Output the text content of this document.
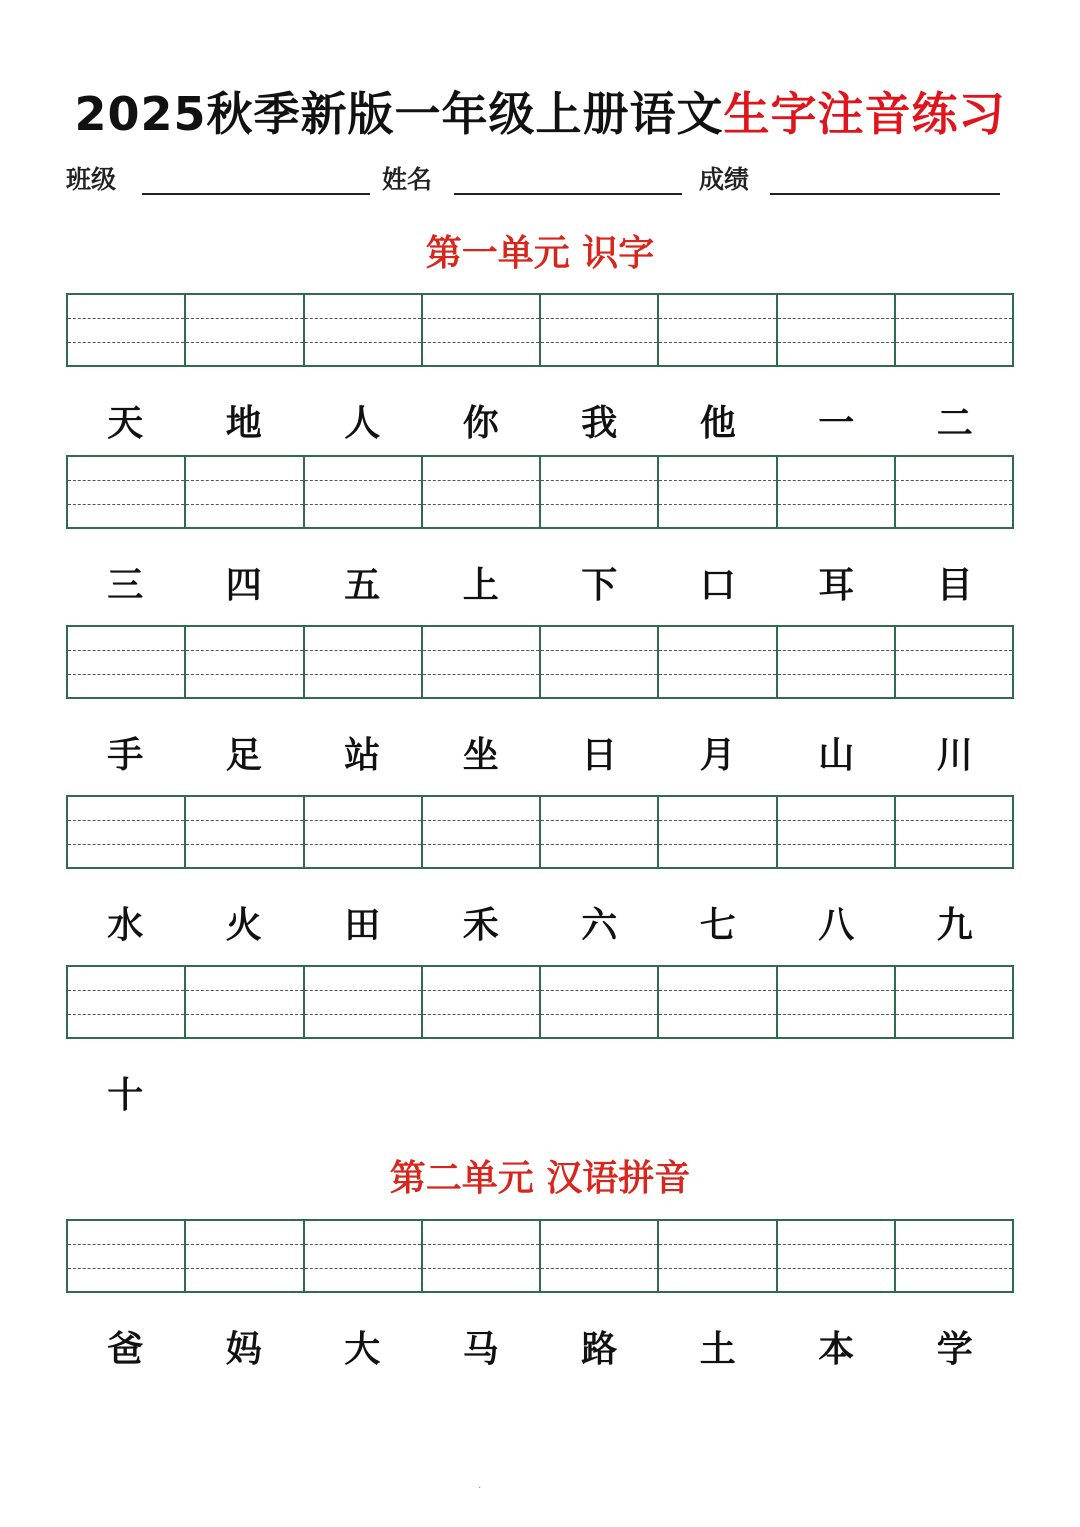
2025秋季新版一年级上册语文生字注音练习
班级	姓名	成绩
第一单元 识字
天	地	人	你	我	他	一	二
三	四	五	上	下	口	耳	目
手	足	站	坐	日	月	山	川
水	火	田	禾	六	七	八	九
十
第二单元 汉语拼音
爸	妈	大	马	路	土	本	学
·
